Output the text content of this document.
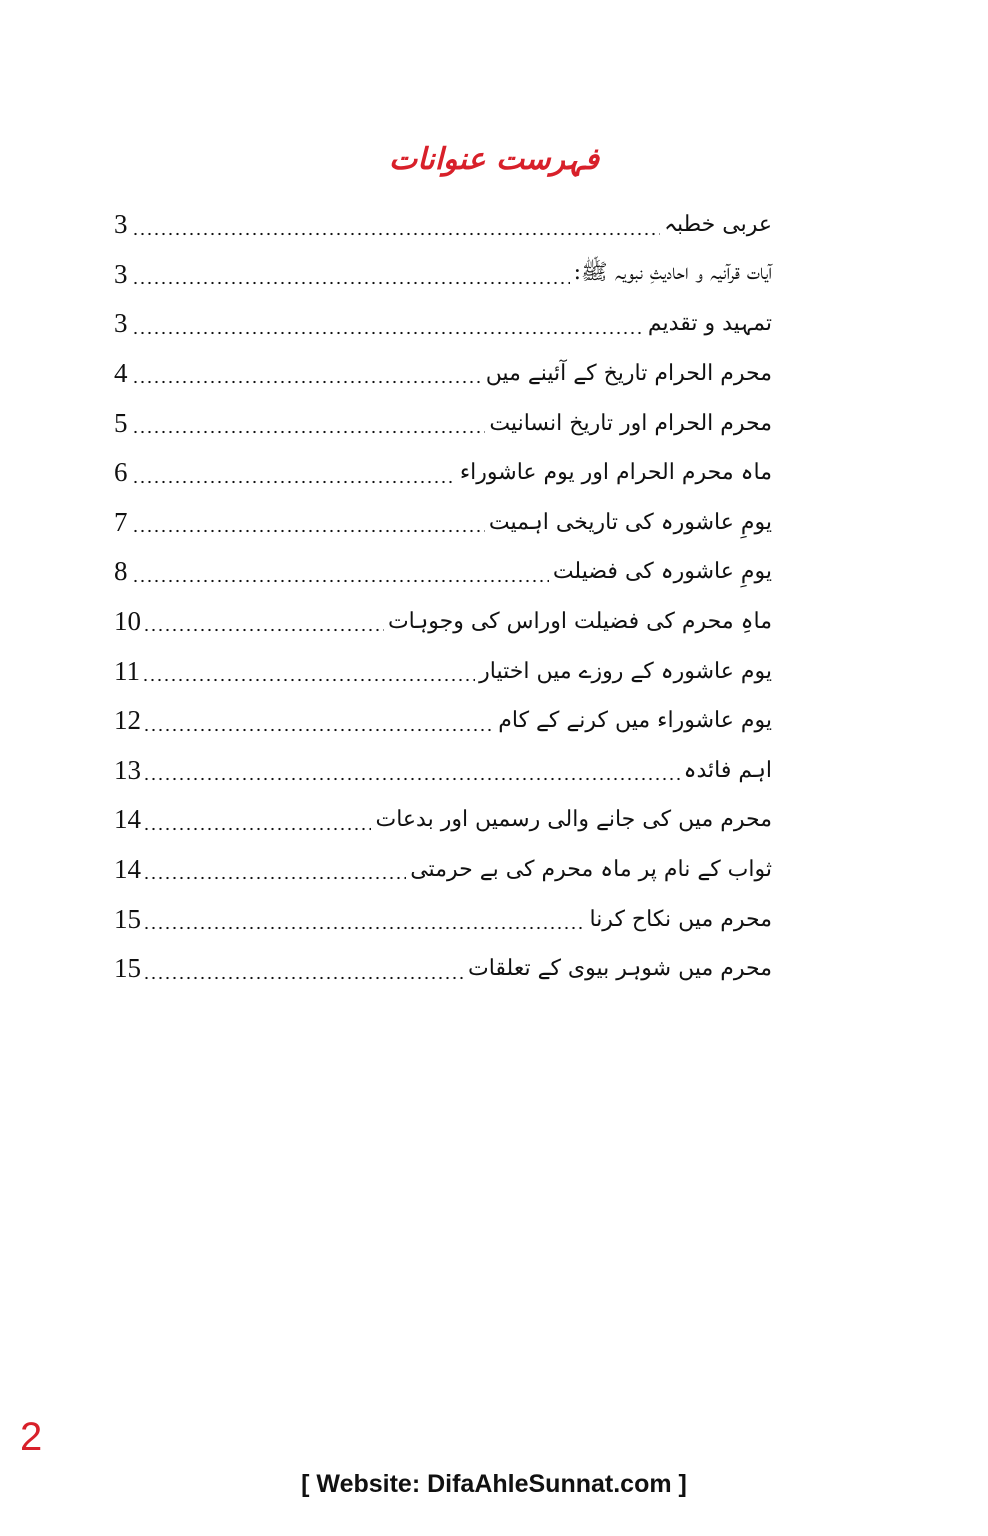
فہرست عنوانات
3	عربی خطبہ
3	آیات قرآنیہ و احادیثِ نبویہ ﷺ:
3	تمہید و تقدیم
4	محرم الحرام تاریخ کے آئینے میں
5	محرم الحرام اور تاریخ انسانیت
6	ماہ محرم الحرام اور یوم عاشوراء
7	یومِ عاشورہ کی تاریخی اہمیت
8	یومِ عاشورہ کی فضیلت
10	ماہِ محرم کی فضیلت اوراس کی وجوہات
11	یوم عاشورہ کے روزے میں اختیار
12	یوم عاشوراء میں کرنے کے کام
13	اہم فائدہ
14	محرم میں کی جانے والی رسمیں اور بدعات
14	ثواب کے نام پر ماہ محرم کی بے حرمتی
15	محرم میں نکاح کرنا
15	محرم میں شوہر بیوی کے تعلقات
2
[ Website: DifaAhleSunnat.com ]
